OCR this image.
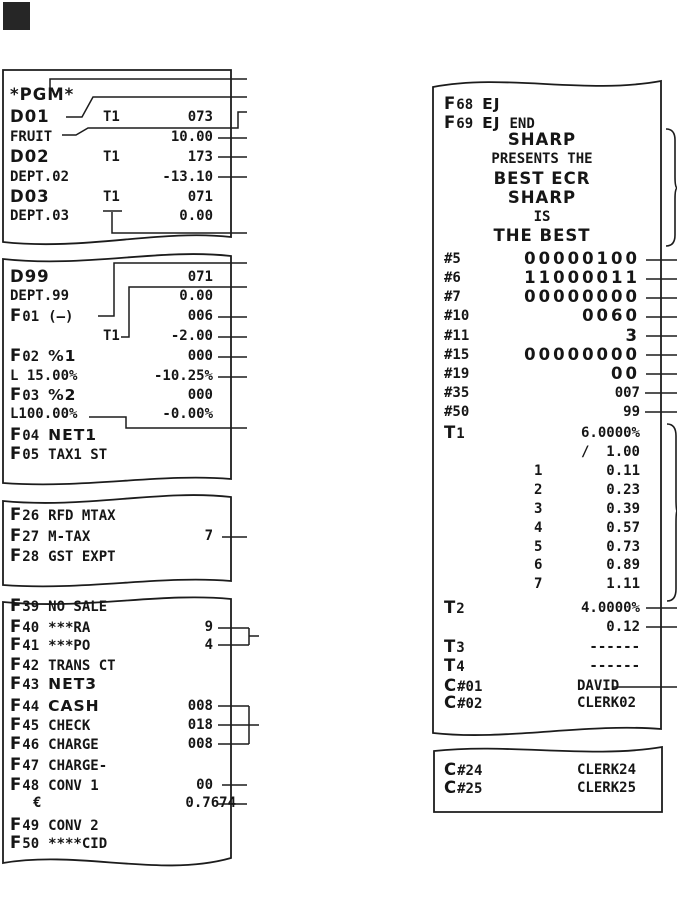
*PGM*
D01	T1	073
FRUIT	10.00
D02	T1	173
DEPT.02	-13.10
D03	T1	071
DEPT.03	0.00
D99	071
DEPT.99	0.00
F01 (—)	006
T1	-2.00
F02 %1	000
L 15.00%	-10.25%
F03 %2	000
L100.00%	-0.00%
F04 NET1
F05 TAX1 ST
F26 RFD MTAX
F27 M-TAX	7
F28 GST EXPT
F39 NO SALE
F40 ***RA	9
F41 ***PO	4
F42 TRANS CT
F43 NET3
F44 CASH	008
F45 CHECK	018
F46 CHARGE	008
F47 CHARGE-
F48 CONV 1	00
€	0.7674
F49 CONV 2
F50 ****CID
F68 EJ
F69 EJ END
SHARP
PRESENTS THE
BEST ECR
SHARP
IS
THE BEST
#5	00000100
#6	11000011
#7	00000000
#10	0060
#11	3
#15	00000000
#19	00
#35	007
#50	99
T1	6.0000%
/  1.00
1	0.11
2	0.23
3	0.39
4	0.57
5	0.73
6	0.89
7	1.11
T2	4.0000%
0.12
T3	------
T4	------
C#01	DAVID
C#02	CLERK02
C#24	CLERK24
C#25	CLERK25
